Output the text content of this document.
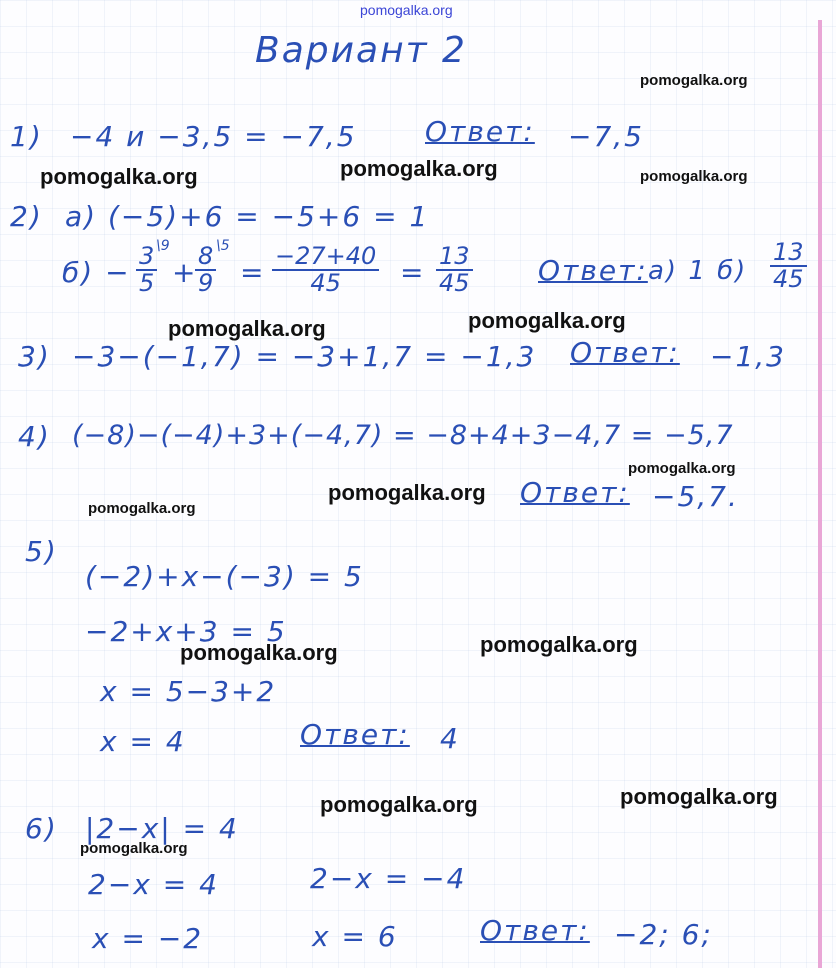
pomogalka.org
Вариант 2
1) −4 и −3,5 = −7,5 Ответ: −7,5
2) а) (−5)+6 = −5+6 = 1
$б) - \frac{3}{5}$
\9
+
$\frac{8}{9}$ \5
= $\frac{-27+40}{45} = \frac{13}{45}$ Ответ: а) 1 $б) \frac{13}{45}$
3) −3−(−1,7) = −3+1,7 = −1,3 Ответ: −1,3
4) (−8)−(−4)+3+(−4,7) = −8+4+3−4,7 = −5,7
Ответ: −5,7.
5)
(−2)+x−(−3) = 5
−2+x+3 = 5
x = 5−3+2
x = 4	Ответ: 4
6) |2−x| = 4
2−x = 4	2−x = −4
x = −2	x = 6	Ответ: −2; 6;
pomogalka.org
pomogalka.org	pomogalka.org	pomogalka.org
pomogalka.org	pomogalka.org
pomogalka.org
pomogalka.org
pomogalka.org
pomogalka.org
pomogalka.org
pomogalka.org
pomogalka.org
pomogalka.org
